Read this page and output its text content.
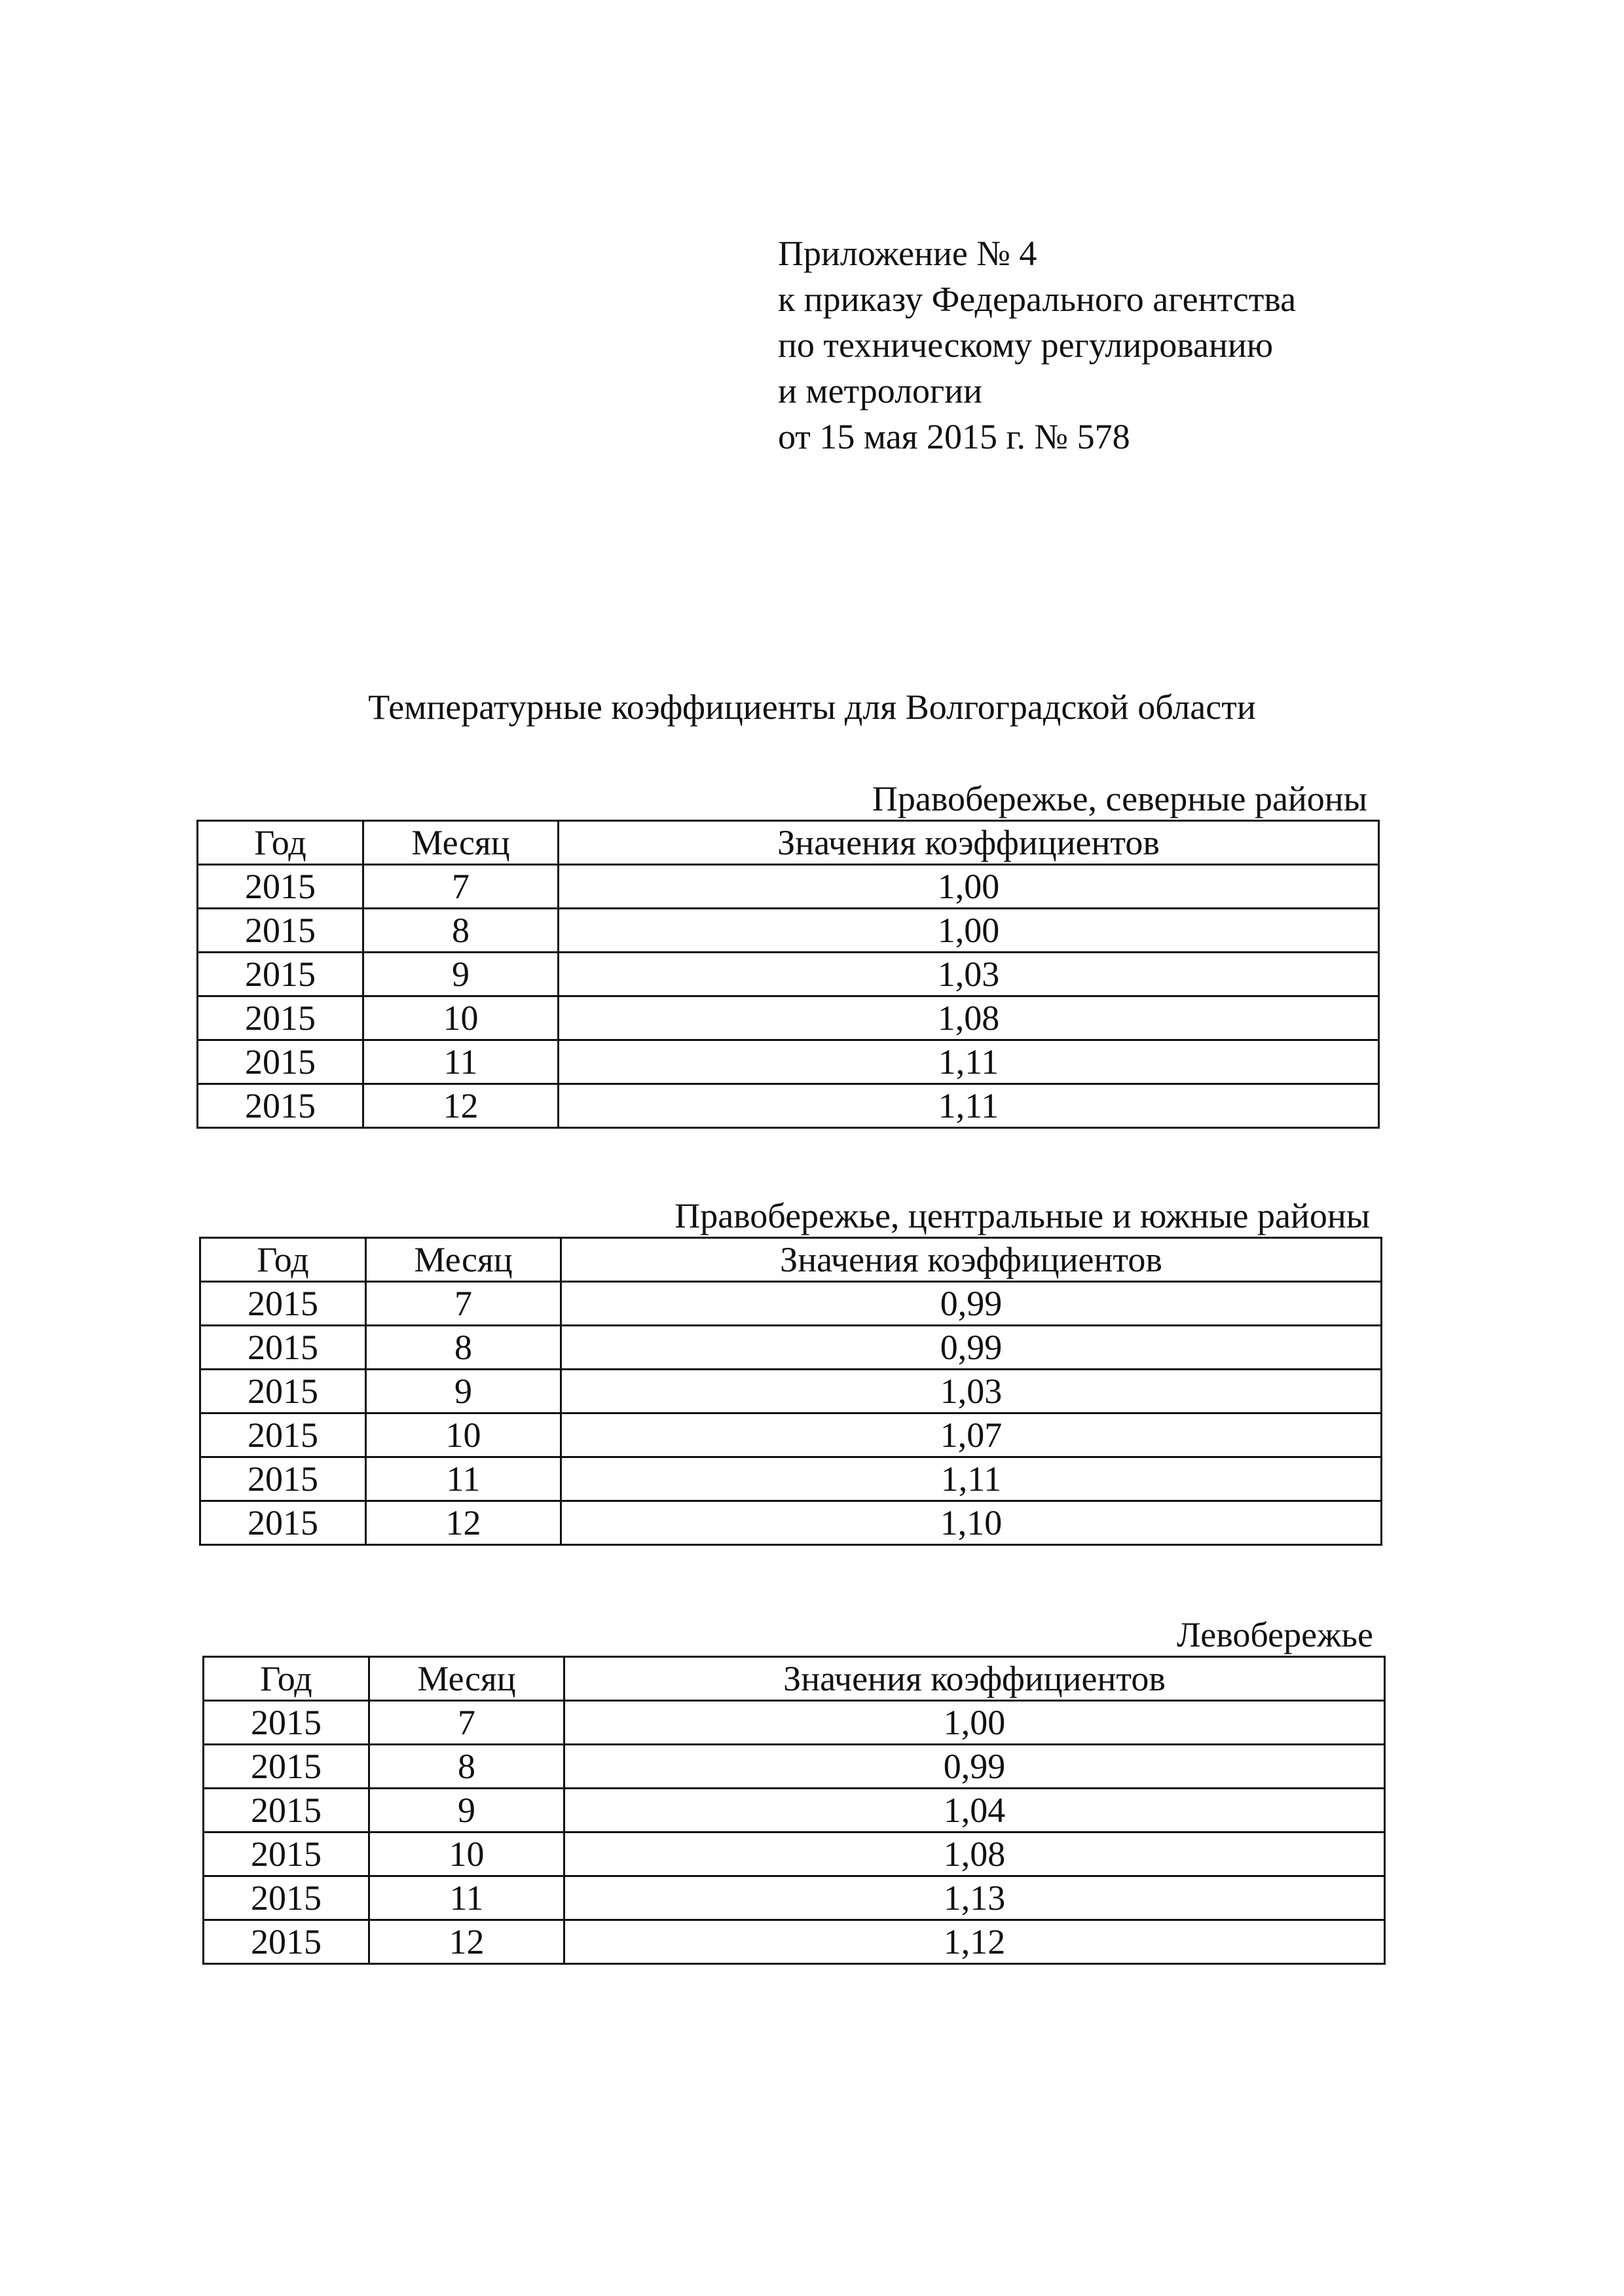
Приложение № 4
к приказу Федерального агентства
по техническому регулированию
и метрологии
от 15 мая 2015 г. № 578
Температурные коэффициенты для Волгоградской области
Правобережье, северные районы
Год	Месяц	Значения коэффициентов
2015	7	1,00
2015	8	1,00
2015	9	1,03
2015	10	1,08
2015	11	1,11
2015	12	1,11
Правобережье, центральные и южные районы
Год	Месяц	Значения коэффициентов
2015	7	0,99
2015	8	0,99
2015	9	1,03
2015	10	1,07
2015	11	1,11
2015	12	1,10
Левобережье
Год	Месяц	Значения коэффициентов
2015	7	1,00
2015	8	0,99
2015	9	1,04
2015	10	1,08
2015	11	1,13
2015	12	1,12
